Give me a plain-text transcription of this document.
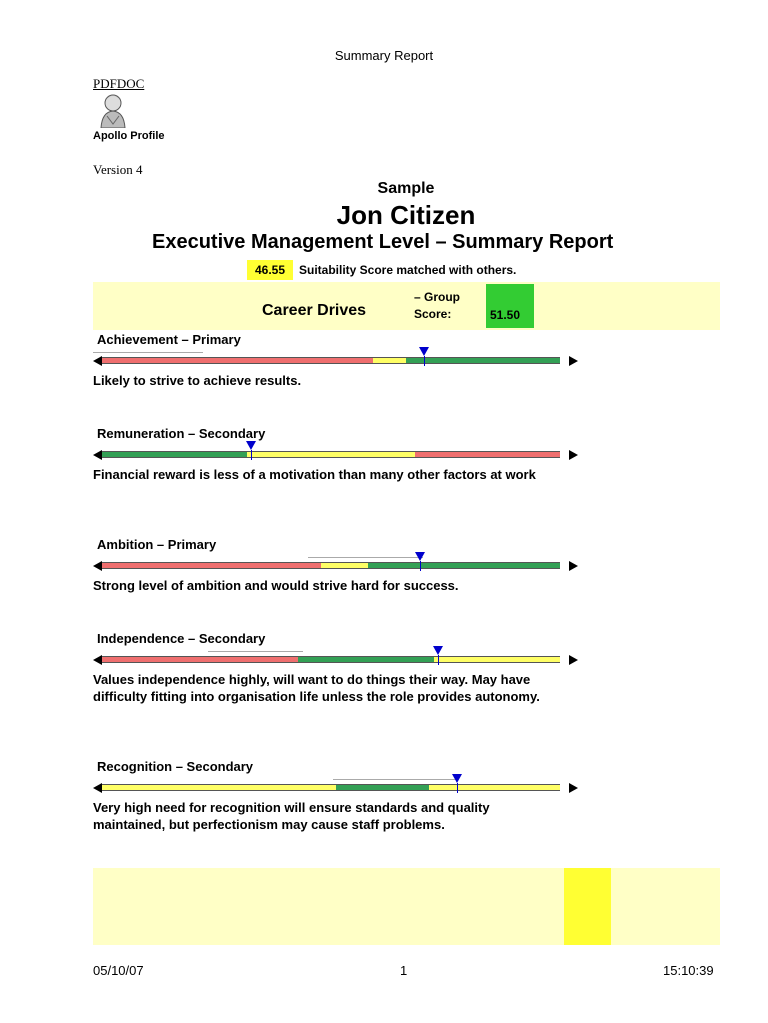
Summary Report
PDFDOC
Apollo Profile
Version 4
Sample
Jon Citizen
Executive Management Level – Summary Report
46.55	Suitability Score matched with others.
Career Drives
– Group
Score:	51.50
Achievement – Primary
Likely to strive to achieve results.
Remuneration – Secondary
Financial reward is less of a motivation than many other factors at work
Ambition – Primary
Strong level of ambition and would strive hard for success.
Independence – Secondary
Values independence highly, will want to do things their way. May have difficulty fitting into organisation life unless the role provides autonomy.
Recognition – Secondary
Very high need for recognition will ensure standards and quality maintained, but perfectionism may cause staff problems.
05/10/07	1	15:10:39
